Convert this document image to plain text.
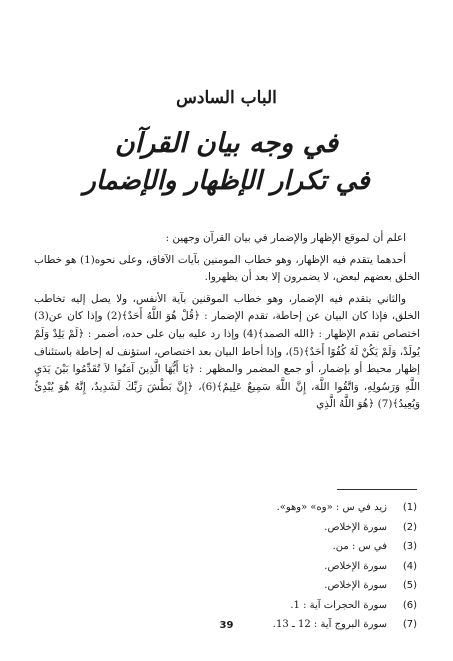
الباب السادس
في وجه بيان القرآن
في تكرار الإظهار والإضمار

اعلم أن لموقع الإظهار والإضمار في بيان القرآن وجهين :

أحدهما يتقدم فيه الإظهار، وهو خطاب المومنين بآيات الآفاق، وعلى نحوه(1) هو خطاب الخلق بعضهم لبعض، لا يضمرون إلا بعد أن يظهروا.

والثاني يتقدم فيه الإضمار، وهو خطاب الموقنين بآية الأنفس، ولا يصل إليه تخاطب الخلق، فإذا كان البيان عن إحاطة، تقدم الإضمار : ﴿قُلْ هُوَ اللَّهُ أَحَدٌ﴾(2) وإذا كان عن(3) اختصاص تقدم الإظهار : ﴿الله الصمد﴾(4) وإذا رد عليه بيان على حده، أضمر : ﴿لَمْ يَلِدْ وَلَمْ يُولَدْ، وَلَمْ يَكُنْ لَهُ كُفُوًا أَحَدٌ﴾(5)، وإذا أحاط البيان بعد اختصاص، استؤنف له إحاطة باستئناف إظهار محيط أو بإضمار، أو جمع المضمر والمظهر : ﴿يَا أَيُّهَا الَّذِينَ آمَنُوا لاَ تُقَدِّمُوا بَيْنَ يَدَيِ اللَّهِ وَرَسُولِهِ، وَاتَّقُوا اللَّهَ، إِنَّ اللَّهَ سَمِيعٌ عَلِيمٌ﴾(6)، ﴿إِنَّ بَطْشَ رَبِّكَ لَشَدِيدٌ، إِنَّهُ هُوَ يُبْدِئُ وَيُعِيدُ﴾(7) ﴿هُوَ اللَّهُ الَّذِي

(1)
زيد في س : «وه» «وهو».
(2)
سورة الإخلاص.
(3)
في س : من.
(4)
سورة الإخلاص.
(5)
سورة الإخلاص.
(6)
سورة الحجرات آية : 1.
(7)
سورة البروج آية : 12 ـ 13.
39
